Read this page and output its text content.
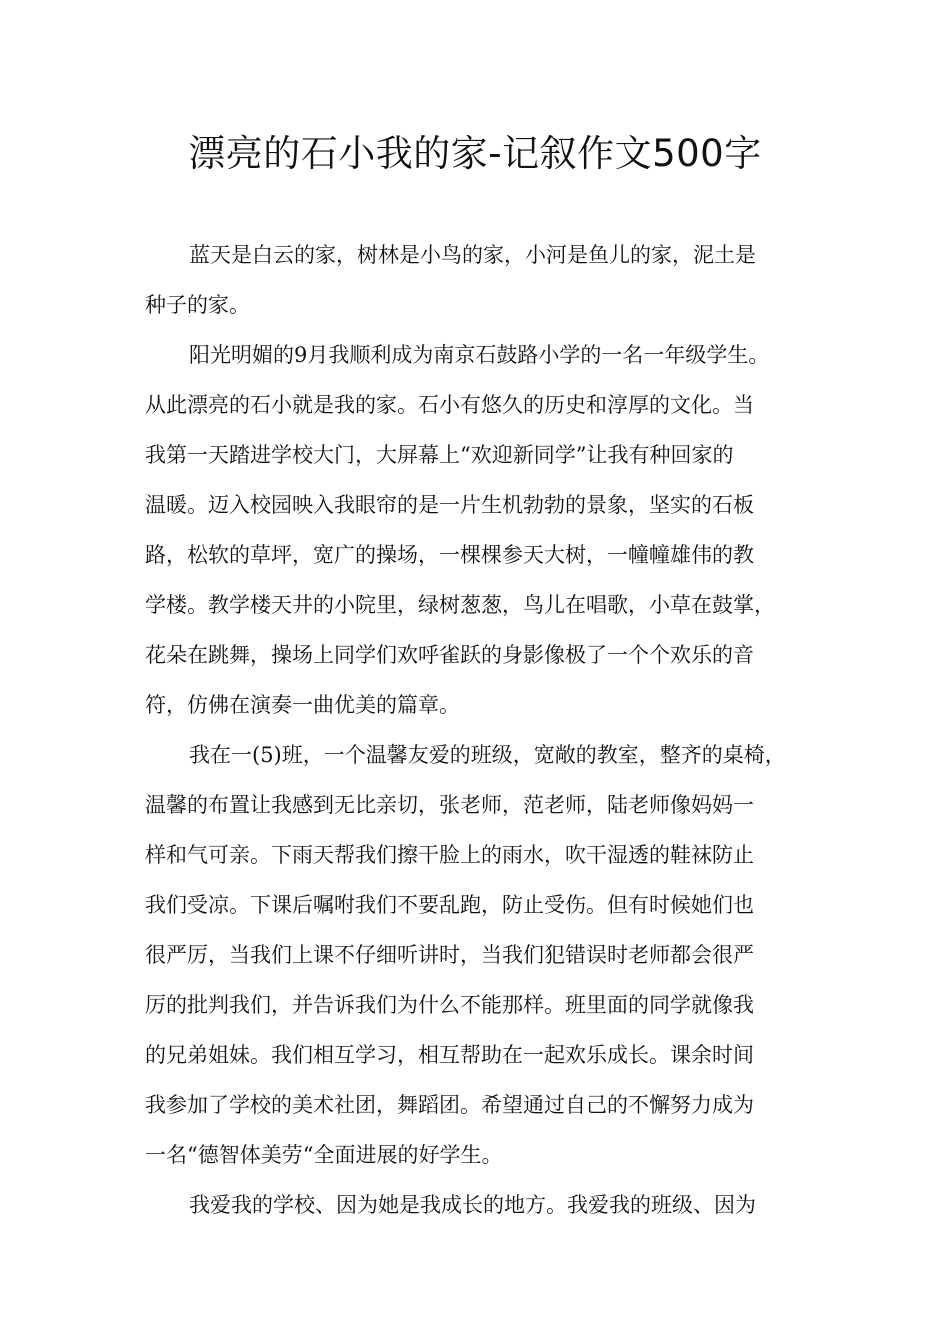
漂亮的石小我的家-记叙作文500字

蓝天是白云的家，树林是小鸟的家，小河是鱼儿的家，泥土是
种子的家。

阳光明媚的9月我顺利成为南京石鼓路小学的一名一年级学生。
从此漂亮的石小就是我的家。石小有悠久的历史和淳厚的文化。当
我第一天踏进学校大门，大屏幕上“欢迎新同学”让我有种回家的
温暖。迈入校园映入我眼帘的是一片生机勃勃的景象，坚实的石板
路，松软的草坪，宽广的操场，一棵棵参天大树，一幢幢雄伟的教
学楼。教学楼天井的小院里，绿树葱葱，鸟儿在唱歌，小草在鼓掌，
花朵在跳舞，操场上同学们欢呼雀跃的身影像极了一个个欢乐的音
符，仿佛在演奏一曲优美的篇章。

我在一(5)班，一个温馨友爱的班级，宽敞的教室，整齐的桌椅，
温馨的布置让我感到无比亲切，张老师，范老师，陆老师像妈妈一
样和气可亲。下雨天帮我们擦干脸上的雨水，吹干湿透的鞋袜防止
我们受凉。下课后嘱咐我们不要乱跑，防止受伤。但有时候她们也
很严厉，当我们上课不仔细听讲时，当我们犯错误时老师都会很严
厉的批判我们，并告诉我们为什么不能那样。班里面的同学就像我
的兄弟姐妹。我们相互学习，相互帮助在一起欢乐成长。课余时间
我参加了学校的美术社团，舞蹈团。希望通过自己的不懈努力成为
一名“德智体美劳“全面进展的好学生。

我爱我的学校、因为她是我成长的地方。我爱我的班级、因为
